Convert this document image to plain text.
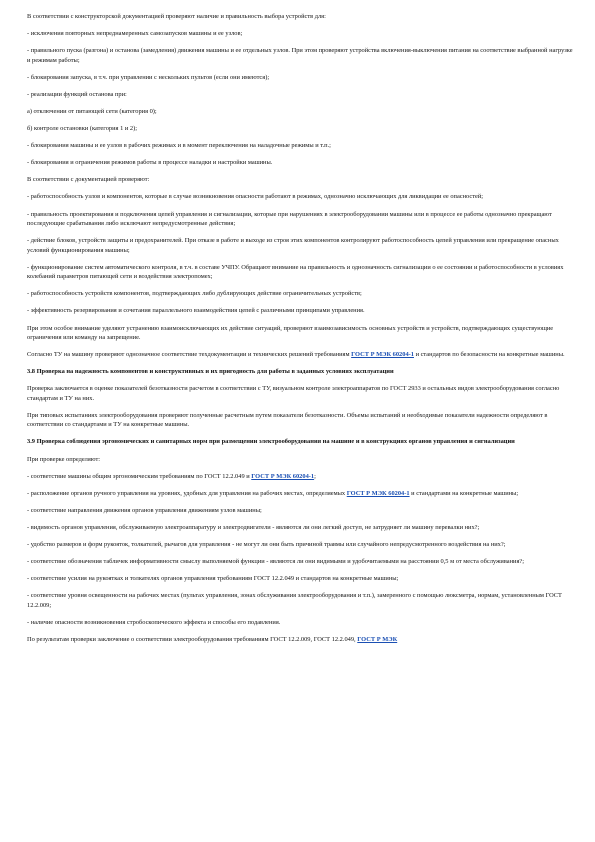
В соответствии с конструкторской документацией проверяют наличие и правильность выбора устройств для:

- исключения повторных непреднамеренных самозапусков машины и ее узлов;

- правильного пуска (разгона) и останова (замедления) движения машины и ее отдельных узлов. При этом проверяют устройства включения-выключения питания на соответствие выбранной нагрузке и режимам работы;

- блокирования запуска, в т.ч. при управлении с нескольких пультов (если они имеются);

- реализации функций останова при:

а) отключении от питающей сети (категория 0);

б) контроле остановки (категория 1 и 2);

- блокирования машины и ее узлов в рабочих режимах и в момент переключения на наладочные режимы и т.п.;

- блокирования и ограничения режимов работы в процессе наладки и настройки машины.

В соответствии с документацией проверяют:

- работоспособность узлов и компонентов, которые в случае возникновения опасности работают в режимах, однозначно исключающих для ликвидации ее опасностей;

- правильность проектирования и подключения цепей управления и сигнализации, которые при нарушениях в электрооборудовании машины или в процессе ее работы однозначно прекращают последующие срабатывания либо исключают непредусмотренные действия;

- действие блоков, устройств защиты и предохранителей. При отказе в работе и выходе из строя этих компонентов контролируют работоспособность цепей управления или прекращение опасных условий функционирования машины;

- функционирование систем автоматического контроля, в т.ч. в составе УЧПУ. Обращают внимание на правильность и однозначность сигнализации о ее состоянии и работоспособности в условиях колебаний параметров питающей сети и воздействия электропомех;

- работоспособность устройств компонентов, подтверждающих либо дублирующих действие ограничительных устройств;

- эффективность резервирования и сочетания параллельного взаимодействия цепей с различными принципами управления.

При этом особое внимание уделяют устранению взаимоисключающих их действие ситуаций, проверяют взаимозависимость основных устройств и устройств, подтверждающих существующие ограничения или команду на запрещение.

Согласно ТУ на машину проверяют однозначное соответствие техдокументации и технических решений требованиям ГОСТ Р МЭК 60204-1 и стандартов по безопасности на конкретные машины.

3.8 Проверка на надежность компонентов и конструктивных и их пригодность для работы в заданных условиях эксплуатации

Проверка заключается в оценке показателей безотказности расчетом в соответствии с ТУ, визуальном контроле электроаппаратов по ГОСТ 2933 и остальных видов электрооборудования согласно стандартам и ТУ на них.

При типовых испытаниях электрооборудования проверяют полученные расчетным путем показатели безотказности. Объемы испытаний и необходимые показатели надежности определяют в соответствии со стандартами и ТУ на конкретные машины.

3.9 Проверка соблюдения эргономических и санитарных норм при размещении электрооборудования на машине и в конструкциях органов управления и сигнализации

При проверке определяют:

- соответствие машины общим эргономическим требованиям по ГОСТ 12.2.049 и ГОСТ Р МЭК 60204-1;

- расположение органов ручного управления на уровнях, удобных для управления на рабочих местах, определяемых ГОСТ Р МЭК 60204-1 и стандартами на конкретные машины;

- соответствие направления движения органов управления движениям узлов машины;

- видимость органов управления, обслуживаемую электроаппаратуру и электродвигатели - являются ли они легкий доступ, не затрудняет ли машину перевалки них?;

- удобство размеров и форм рукояток, толкателей, рычагов для управления - не могут ли они быть причиной травмы или случайного непредусмотренного воздействия на них?;

- соответствие обозначения табличек информативности смыслу выполняемой функции - являются ли они видимыми и удобочитаемыми на расстоянии 0,5 м от места обслуживания?;

- соответствие усилия на рукоятках и толкателях органов управления требованиям ГОСТ 12.2.049 и стандартов на конкретные машины;

- соответствие уровня освещенности на рабочих местах (пультах управления, зонах обслуживания электрооборудования и т.п.), замеренного с помощью люксметра, нормам, установленным ГОСТ 12.2.009;

- наличие опасности возникновения стробоскопического эффекта и способы его подавления.

По результатам проверки заключение о соответствии электрооборудования требованиям ГОСТ 12.2.009, ГОСТ 12.2.049, ГОСТ Р МЭК
